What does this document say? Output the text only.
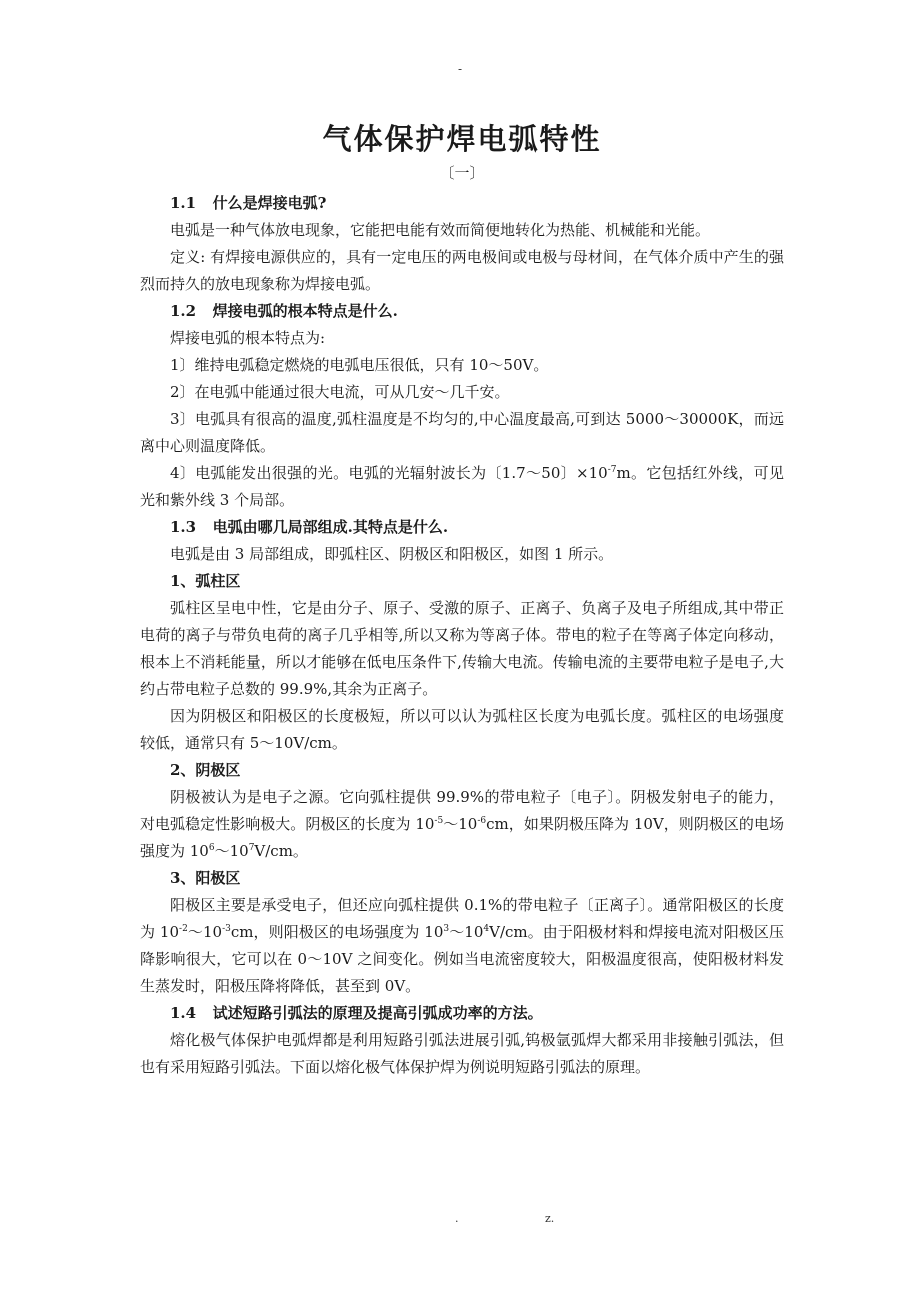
-
气体保护焊电弧特性
〔一〕

1.1 什么是焊接电弧?

电弧是一种气体放电现象，它能把电能有效而简便地转化为热能、机械能和光能。

定义: 有焊接电源供应的，具有一定电压的两电极间或电极与母材间，在气体介质中产生的强烈而持久的放电现象称为焊接电弧。

1.2 焊接电弧的根本特点是什么.

焊接电弧的根本特点为:

1〕维持电弧稳定燃烧的电弧电压很低，只有 10～50V。

2〕在电弧中能通过很大电流，可从几安～几千安。

3〕电弧具有很高的温度,弧柱温度是不均匀的,中心温度最高,可到达 5000～30000K，而远离中心则温度降低。

4〕电弧能发出很强的光。电弧的光辐射波长为〔1.7～50〕$\times 10^{-7}m$。它包括红外线，可见光和紫外线 3 个局部。

1.3 电弧由哪几局部组成.其特点是什么.

电弧是由 3 局部组成，即弧柱区、阴极区和阳极区，如图 1 所示。

1、弧柱区

弧柱区呈电中性，它是由分子、原子、受激的原子、正离子、负离子及电子所组成,其中带正电荷的离子与带负电荷的离子几乎相等,所以又称为等离子体。带电的粒子在等离子体定向移动，根本上不消耗能量，所以才能够在低电压条件下,传输大电流。传输电流的主要带电粒子是电子,大约占带电粒子总数的 99.9%,其余为正离子。

因为阴极区和阳极区的长度极短，所以可以认为弧柱区长度为电弧长度。弧柱区的电场强度较低，通常只有 5～10V/cm。

2、阴极区

阴极被认为是电子之源。它向弧柱提供 99.9%的带电粒子〔电子〕。阴极发射电子的能力，对电弧稳定性影响极大。阴极区的长度为 $10^{-5}\sim 10^{-6}cm$，如果阴极压降为 10V，则阴极区的电场强度为 $10^6\sim 10^7V/cm$。

3、阳极区

阳极区主要是承受电子，但还应向弧柱提供 0.1%的带电粒子〔正离子〕。通常阳极区的长度为 $10^{-2}\sim 10^{-3}cm$，则阳极区的电场强度为 $10^3\sim 10^4V/cm$。由于阳极材料和焊接电流对阳极区压降影响很大，它可以在 0～10V 之间变化。例如当电流密度较大，阳极温度很高，使阳极材料发生蒸发时，阳极压降将降低，甚至到 0V。

1.4 试述短路引弧法的原理及提高引弧成功率的方法。

熔化极气体保护电弧焊都是利用短路引弧法进展引弧,钨极氩弧焊大都采用非接触引弧法，但也有采用短路引弧法。下面以熔化极气体保护焊为例说明短路引弧法的原理。

.	z.
